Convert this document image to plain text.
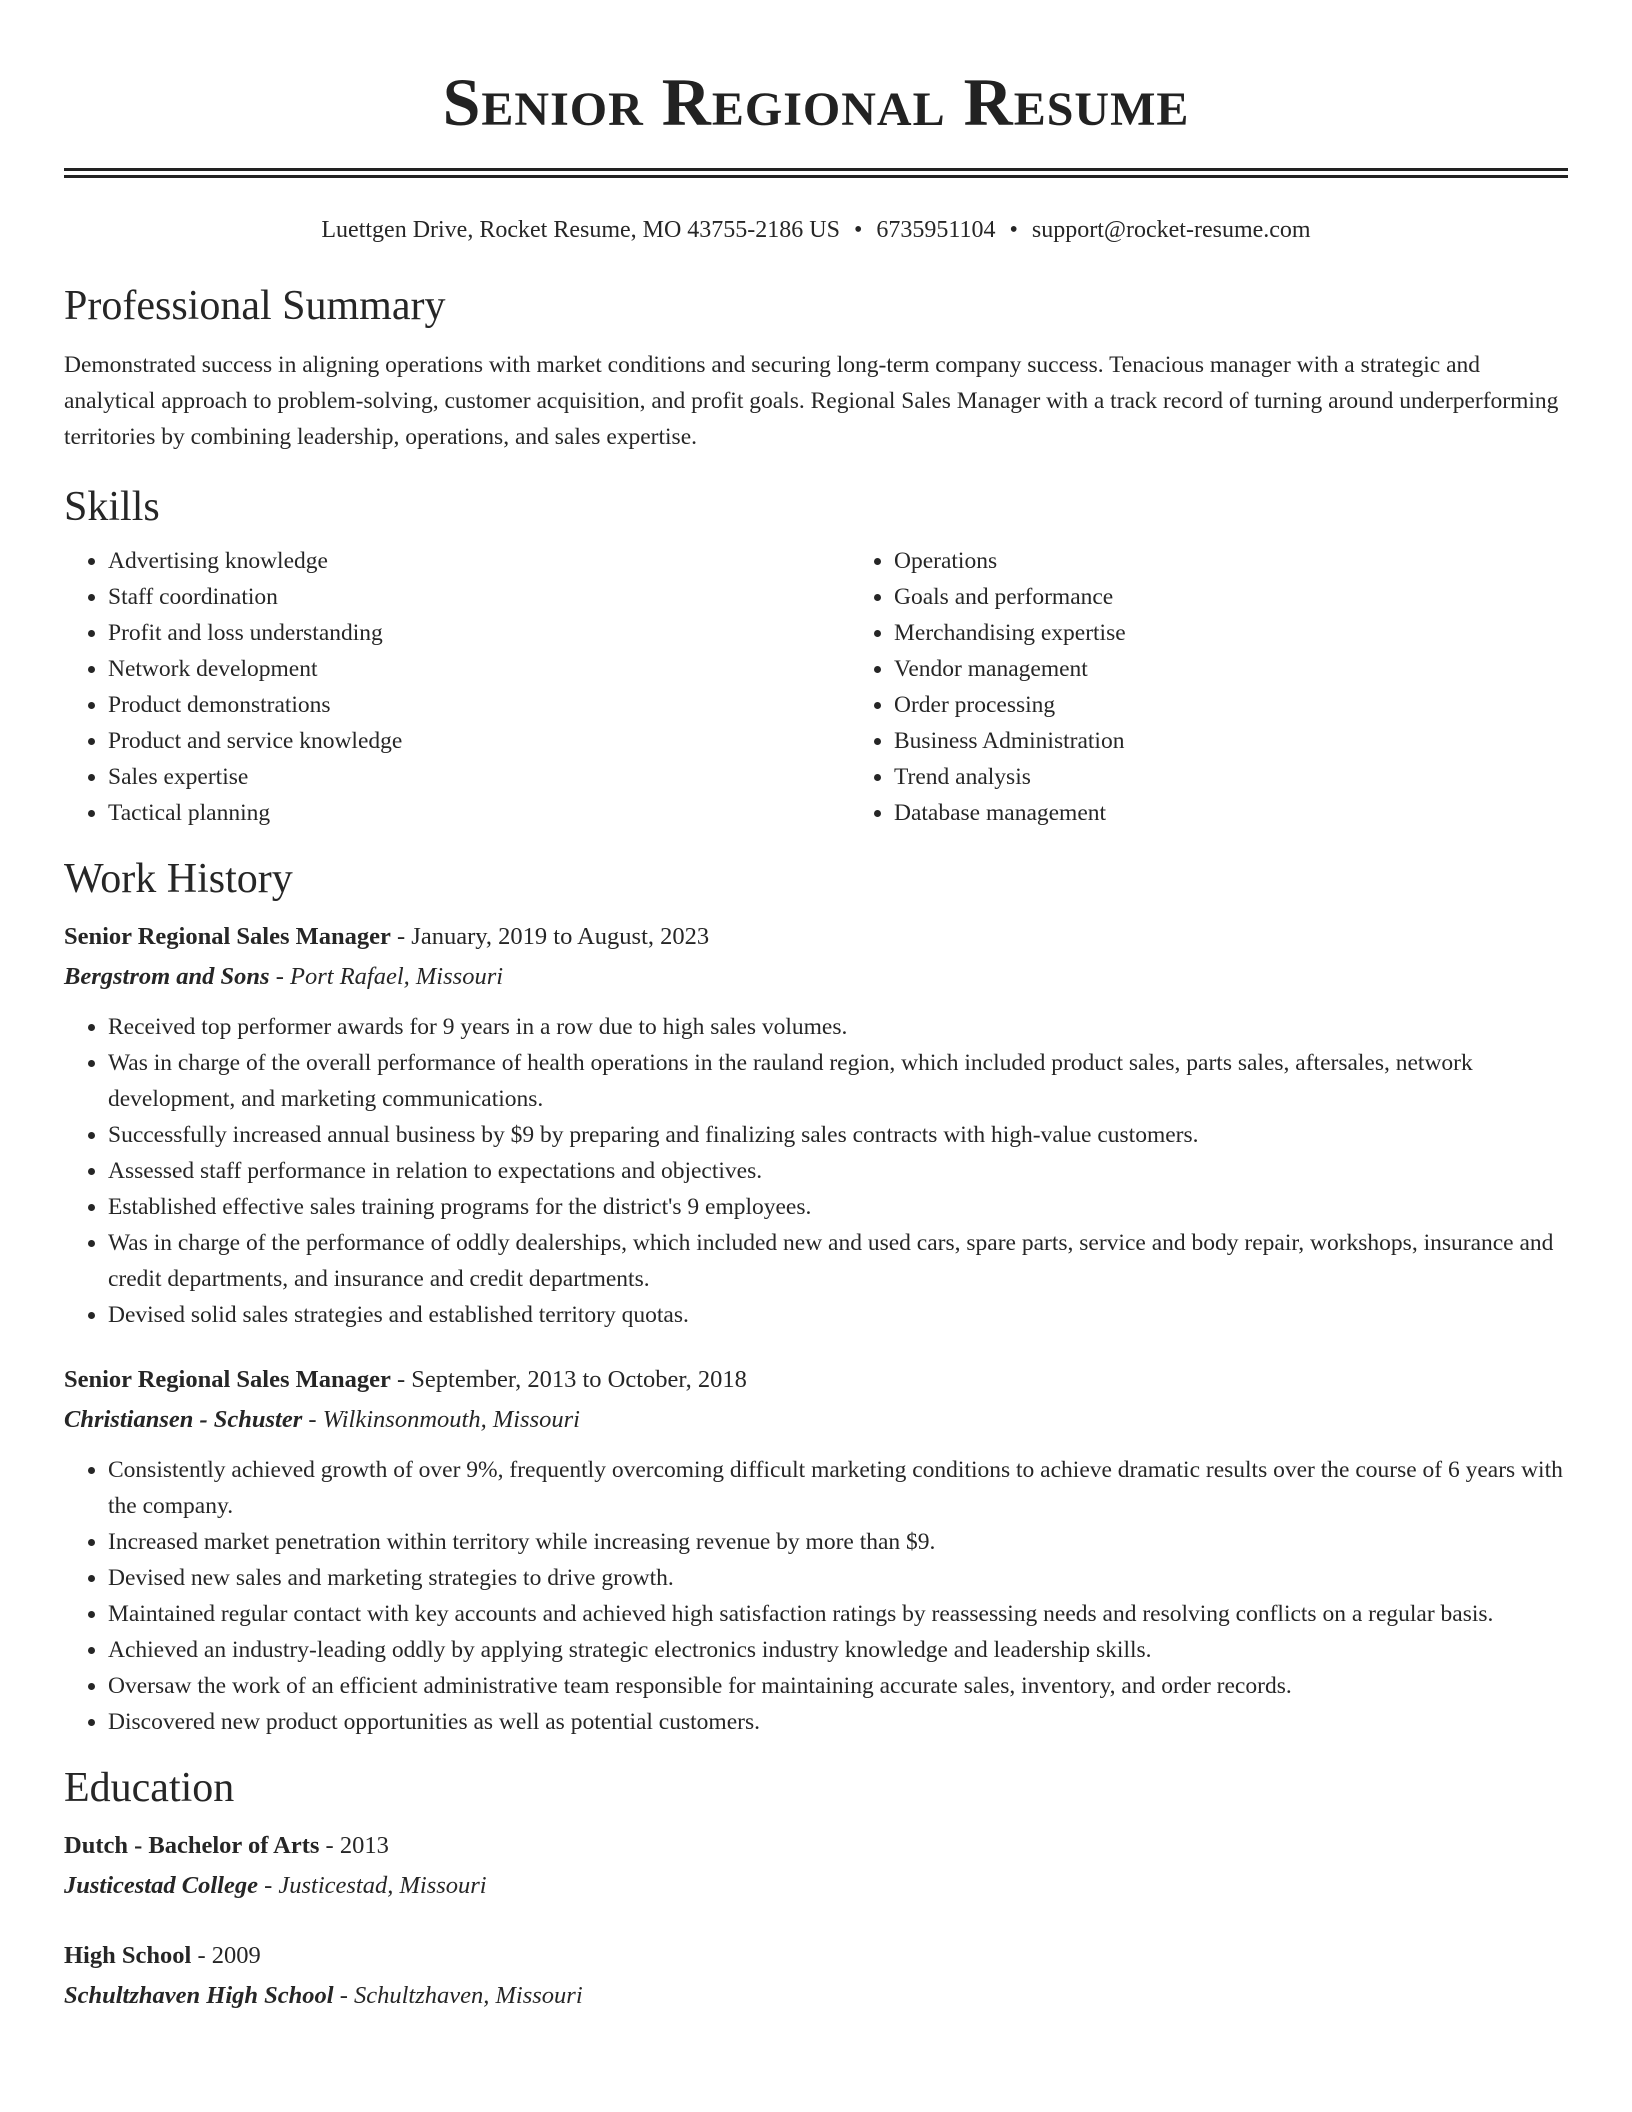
Senior Regional Resume
Luettgen Drive, Rocket Resume, MO 43755-2186 US • 6735951104 • support@rocket-resume.com
Professional Summary

Demonstrated success in aligning operations with market conditions and securing long-term company success. Tenacious manager with a strategic and analytical approach to problem-solving, customer acquisition, and profit goals. Regional Sales Manager with a track record of turning around underperforming territories by combining leadership, operations, and sales expertise.

Skills
• Advertising knowledge
• Staff coordination
• Profit and loss understanding
• Network development
• Product demonstrations
• Product and service knowledge
• Sales expertise
• Tactical planning
• Operations
• Goals and performance
• Merchandising expertise
• Vendor management
• Order processing
• Business Administration
• Trend analysis
• Database management
Work History
Senior Regional Sales Manager - January, 2019 to August, 2023
Bergstrom and Sons - Port Rafael, Missouri
• Received top performer awards for 9 years in a row due to high sales volumes.
• Was in charge of the overall performance of health operations in the rauland region, which included product sales, parts sales, aftersales, network development, and marketing communications.
• Successfully increased annual business by $9 by preparing and finalizing sales contracts with high-value customers.
• Assessed staff performance in relation to expectations and objectives.
• Established effective sales training programs for the district's 9 employees.
• Was in charge of the performance of oddly dealerships, which included new and used cars, spare parts, service and body repair, workshops, insurance and credit departments, and insurance and credit departments.
• Devised solid sales strategies and established territory quotas.
Senior Regional Sales Manager - September, 2013 to October, 2018
Christiansen - Schuster - Wilkinsonmouth, Missouri
• Consistently achieved growth of over 9%, frequently overcoming difficult marketing conditions to achieve dramatic results over the course of 6 years with the company.
• Increased market penetration within territory while increasing revenue by more than $9.
• Devised new sales and marketing strategies to drive growth.
• Maintained regular contact with key accounts and achieved high satisfaction ratings by reassessing needs and resolving conflicts on a regular basis.
• Achieved an industry-leading oddly by applying strategic electronics industry knowledge and leadership skills.
• Oversaw the work of an efficient administrative team responsible for maintaining accurate sales, inventory, and order records.
• Discovered new product opportunities as well as potential customers.
Education
Dutch - Bachelor of Arts - 2013
Justicestad College - Justicestad, Missouri
High School - 2009
Schultzhaven High School - Schultzhaven, Missouri
